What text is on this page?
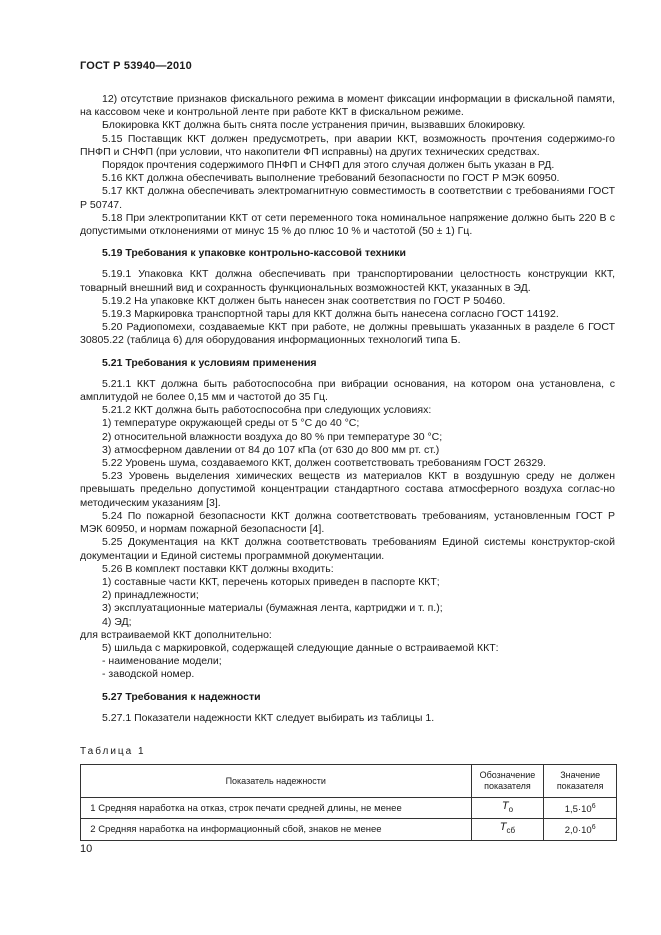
ГОСТ Р 53940—2010

12) отсутствие признаков фискального режима в момент фиксации информации в фискальной памяти, на кассовом чеке и контрольной ленте при работе ККТ в фискальном режиме.

Блокировка ККТ должна быть снята после устранения причин, вызвавших блокировку.

5.15 Поставщик ККТ должен предусмотреть, при аварии ККТ, возможность прочтения содержимо-го ПНФП и СНФП (при условии, что накопители ФП исправны) на других технических средствах.

Порядок прочтения содержимого ПНФП и СНФП для этого случая должен быть указан в РД.

5.16 ККТ должна обеспечивать выполнение требований безопасности по ГОСТ Р МЭК 60950.

5.17 ККТ должна обеспечивать электромагнитную совместимость в соответствии с требованиями ГОСТ Р 50747.

5.18 При электропитании ККТ от сети переменного тока номинальное напряжение должно быть 220 В с допустимыми отклонениями от минус 15 % до плюс 10 % и частотой (50 ± 1) Гц.

5.19 Требования к упаковке контрольно-кассовой техники

5.19.1 Упаковка ККТ должна обеспечивать при транспортировании целостность конструкции ККТ, товарный внешний вид и сохранность функциональных возможностей ККТ, указанных в ЭД.

5.19.2 На упаковке ККТ должен быть нанесен знак соответствия по ГОСТ Р 50460.

5.19.3 Маркировка транспортной тары для ККТ должна быть нанесена согласно ГОСТ 14192.

5.20 Радиопомехи, создаваемые ККТ при работе, не должны превышать указанных в разделе 6 ГОСТ 30805.22 (таблица 6) для оборудования информационных технологий типа Б.

5.21 Требования к условиям применения

5.21.1 ККТ должна быть работоспособна при вибрации основания, на котором она установлена, с амплитудой не более 0,15 мм и частотой до 35 Гц.

5.21.2 ККТ должна быть работоспособна при следующих условиях:

1) температуре окружающей среды от 5 °С до 40 °С;

2) относительной влажности воздуха до 80 % при температуре 30 °С;

3) атмосферном давлении от 84 до 107 кПа (от 630 до 800 мм рт. ст.)

5.22 Уровень шума, создаваемого ККТ, должен соответствовать требованиям ГОСТ 26329.

5.23 Уровень выделения химических веществ из материалов ККТ в воздушную среду не должен превышать предельно допустимой концентрации стандартного состава атмосферного воздуха соглас-но методическим указаниям [3].

5.24 По пожарной безопасности ККТ должна соответствовать требованиям, установленным ГОСТ Р МЭК 60950, и нормам пожарной безопасности [4].

5.25 Документация на ККТ должна соответствовать требованиям Единой системы конструктор-ской документации и Единой системы программной документации.

5.26 В комплект поставки ККТ должны входить:

1) составные части ККТ, перечень которых приведен в паспорте ККТ;

2) принадлежности;

3) эксплуатационные материалы (бумажная лента, картриджи и т. п.);

4) ЭД;

для встраиваемой ККТ дополнительно:

5) шильда с маркировкой, содержащей следующие данные о встраиваемой ККТ:

- наименование модели;

- заводской номер.

5.27 Требования к надежности

5.27.1 Показатели надежности ККТ следует выбирать из таблицы 1.

Таблица 1

Показатель надежности	Обозначение показателя	Значение показателя
1 Средняя наработка на отказ, строк печати средней длины, не менее	$T_о$	$1,5\cdot 10^6$
2 Средняя наработка на информационный сбой, знаков не менее	$T_{сб}$	$2,0\cdot 10^6$
10
